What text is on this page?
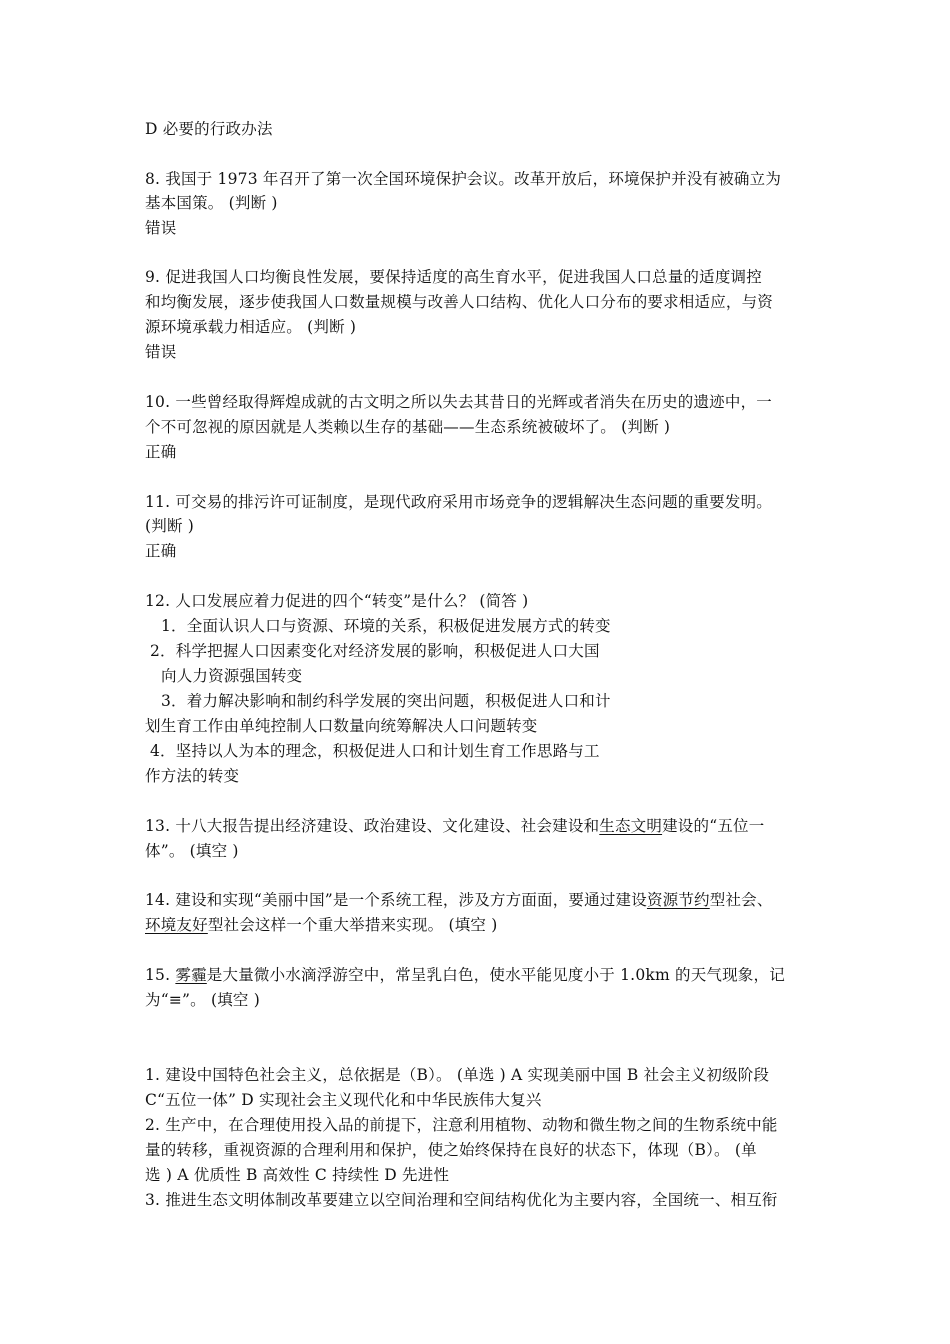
D 必要的行政办法
8. 我国于 1973 年召开了第一次全国环境保护会议。改革开放后，环境保护并没有被确立为
基本国策。 (判断 )
错误
9. 促进我国人口均衡良性发展，要保持适度的高生育水平，促进我国人口总量的适度调控
和均衡发展，逐步使我国人口数量规模与改善人口结构、优化人口分布的要求相适应，与资
源环境承载力相适应。 (判断 )
错误
10. 一些曾经取得辉煌成就的古文明之所以失去其昔日的光辉或者消失在历史的遗迹中，一
个不可忽视的原因就是人类赖以生存的基础——生态系统被破坏了。 (判断 )
正确
11. 可交易的排污许可证制度，是现代政府采用市场竞争的逻辑解决生态问题的重要发明。
(判断 )
正确
12. 人口发展应着力促进的四个“转变”是什么？ (简答 )
1．全面认识人口与资源、环境的关系，积极促进发展方式的转变
2．科学把握人口因素变化对经济发展的影响，积极促进人口大国
向人力资源强国转变
3．着力解决影响和制约科学发展的突出问题，积极促进人口和计
划生育工作由单纯控制人口数量向统筹解决人口问题转变
4．坚持以人为本的理念，积极促进人口和计划生育工作思路与工
作方法的转变
13. 十八大报告提出经济建设、政治建设、文化建设、社会建设和生态文明建设的“五位一
体”。 (填空 )
14. 建设和实现“美丽中国”是一个系统工程，涉及方方面面，要通过建设资源节约型社会、
环境友好型社会这样一个重大举措来实现。 (填空 )
15. 雾霾是大量微小水滴浮游空中，常呈乳白色，使水平能见度小于 1.0km 的天气现象，记
为“≡”。 (填空 )
1. 建设中国特色社会主义，总依据是（B）。 (单选 ) A 实现美丽中国 B 社会主义初级阶段
C“五位一体” D 实现社会主义现代化和中华民族伟大复兴
2. 生产中，在合理使用投入品的前提下，注意利用植物、动物和微生物之间的生物系统中能
量的转移，重视资源的合理利用和保护，使之始终保持在良好的状态下，体现（B）。 (单
选 ) A 优质性 B 高效性 C 持续性 D 先进性
3. 推进生态文明体制改革要建立以空间治理和空间结构优化为主要内容，全国统一、相互衔
